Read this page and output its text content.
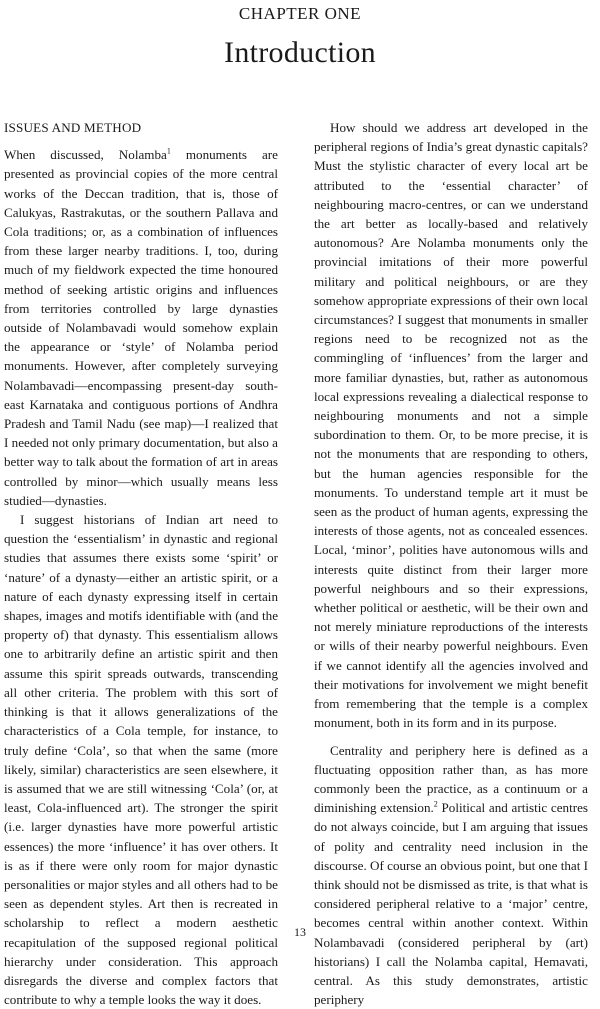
CHAPTER ONE
Introduction
ISSUES AND METHOD

When discussed, Nolamba$^1$ monuments are presented as provincial copies of the more central works of the Deccan tradition, that is, those of Calukyas, Rastrakutas, or the southern Pallava and Cola traditions; or, as a combination of influences from these larger nearby traditions. I, too, during much of my fieldwork expected the time honoured method of seeking artistic origins and influences from territories controlled by large dynasties outside of Nolambavadi would somehow explain the appearance or ‘style’ of Nolamba period monuments. However, after completely surveying Nolambavadi—encompassing present-day south-east Karnataka and contiguous portions of Andhra Pradesh and Tamil Nadu (see map)—I realized that I needed not only primary documentation, but also a better way to talk about the formation of art in areas controlled by minor—which usually means less studied—dynasties.

I suggest historians of Indian art need to question the ‘essentialism’ in dynastic and regional studies that assumes there exists some ‘spirit’ or ‘nature’ of a dynasty—either an artistic spirit, or a nature of each dynasty expressing itself in certain shapes, images and motifs identifiable with (and the property of) that dynasty. This essentialism allows one to arbitrarily define an artistic spirit and then assume this spirit spreads outwards, transcending all other criteria. The problem with this sort of thinking is that it allows generalizations of the characteristics of a Cola temple, for instance, to truly define ‘Cola’, so that when the same (more likely, similar) characteristics are seen elsewhere, it is assumed that we are still witnessing ‘Cola’ (or, at least, Cola-influenced art). The stronger the spirit (i.e. larger dynasties have more powerful artistic essences) the more ‘influence’ it has over others. It is as if there were only room for major dynastic personalities or major styles and all others had to be seen as dependent styles. Art then is recreated in scholarship to reflect a modern aesthetic recapitulation of the supposed regional political hierarchy under consideration. This approach disregards the diverse and complex factors that contribute to why a temple looks the way it does.

How should we address art developed in the peripheral regions of India’s great dynastic capitals? Must the stylistic character of every local art be attributed to the ‘essential character’ of neighbouring macro-centres, or can we understand the art better as locally-based and relatively autonomous? Are Nolamba monuments only the provincial imitations of their more powerful military and political neighbours, or are they somehow appropriate expressions of their own local circumstances? I suggest that monuments in smaller regions need to be recognized not as the commingling of ‘influences’ from the larger and more familiar dynasties, but, rather as autonomous local expressions revealing a dialectical response to neighbouring monuments and not a simple subordination to them. Or, to be more precise, it is not the monuments that are responding to others, but the human agencies responsible for the monuments. To understand temple art it must be seen as the product of human agents, expressing the interests of those agents, not as concealed essences. Local, ‘minor’, polities have autonomous wills and interests quite distinct from their larger more powerful neighbours and so their expressions, whether political or aesthetic, will be their own and not merely miniature reproductions of the interests or wills of their nearby powerful neighbours. Even if we cannot identify all the agencies involved and their motivations for involvement we might benefit from remembering that the temple is a complex monument, both in its form and in its purpose.

Centrality and periphery here is defined as a fluctuating opposition rather than, as has more commonly been the practice, as a continuum or a diminishing extension.$^2$ Political and artistic centres do not always coincide, but I am arguing that issues of polity and centrality need inclusion in the discourse. Of course an obvious point, but one that I think should not be dismissed as trite, is that what is considered peripheral relative to a ‘major’ centre, becomes central within another context. Within Nolambavadi (considered peripheral by (art) historians) I call the Nolamba capital, Hemavati, central. As this study demonstrates, artistic periphery

13
